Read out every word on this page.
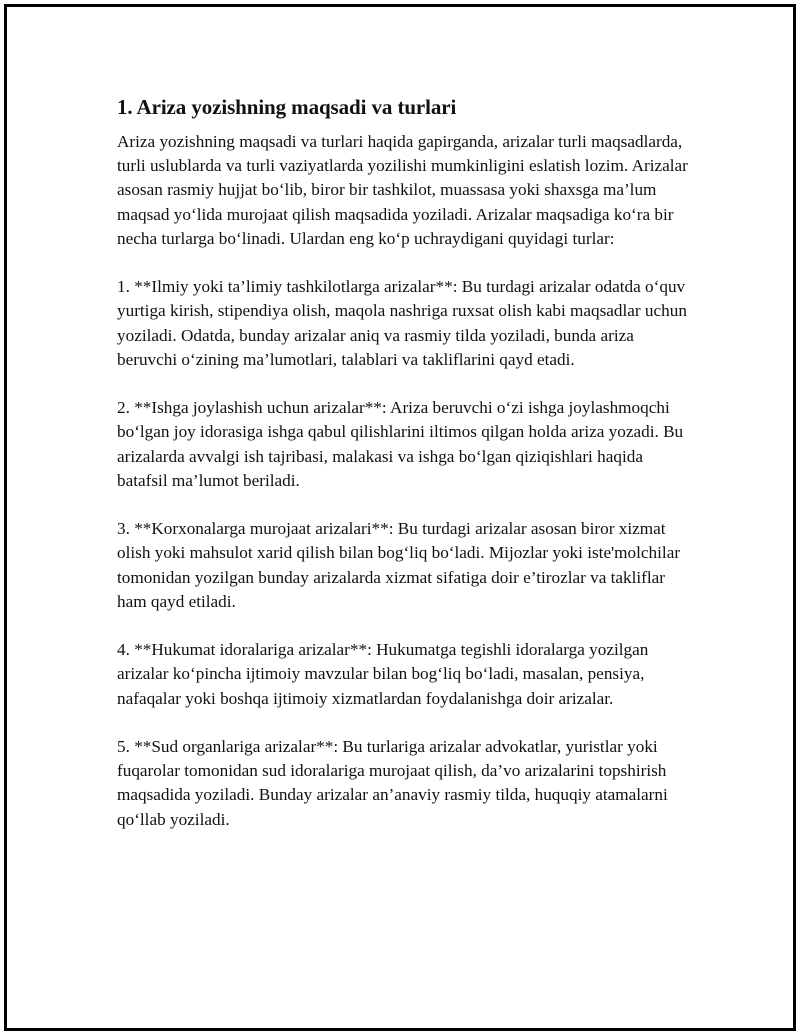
1. Ariza yozishning maqsadi va turlari

Ariza yozishning maqsadi va turlari haqida gapirganda, arizalar turli maqsadlarda, turli uslublarda va turli vaziyatlarda yozilishi mumkinligini eslatish lozim. Arizalar asosan rasmiy hujjat bo‘lib, biror bir tashkilot, muassasa yoki shaxsga ma’lum maqsad yo‘lida murojaat qilish maqsadida yoziladi. Arizalar maqsadiga ko‘ra bir necha turlarga bo‘linadi. Ulardan eng ko‘p uchraydigani quyidagi turlar:

1. **Ilmiy yoki ta’limiy tashkilotlarga arizalar**: Bu turdagi arizalar odatda o‘quv yurtiga kirish, stipendiya olish, maqola nashriga ruxsat olish kabi maqsadlar uchun yoziladi. Odatda, bunday arizalar aniq va rasmiy tilda yoziladi, bunda ariza beruvchi o‘zining ma’lumotlari, talablari va takliflarini qayd etadi.

2. **Ishga joylashish uchun arizalar**: Ariza beruvchi o‘zi ishga joylashmoqchi bo‘lgan joy idorasiga ishga qabul qilishlarini iltimos qilgan holda ariza yozadi. Bu arizalarda avvalgi ish tajribasi, malakasi va ishga bo‘lgan qiziqishlari haqida batafsil ma’lumot beriladi.

3. **Korxonalarga murojaat arizalari**: Bu turdagi arizalar asosan biror xizmat olish yoki mahsulot xarid qilish bilan bog‘liq bo‘ladi. Mijozlar yoki iste'molchilar tomonidan yozilgan bunday arizalarda xizmat sifatiga doir e’tirozlar va takliflar ham qayd etiladi.

4. **Hukumat idoralariga arizalar**: Hukumatga tegishli idoralarga yozilgan arizalar ko‘pincha ijtimoiy mavzular bilan bog‘liq bo‘ladi, masalan, pensiya, nafaqalar yoki boshqa ijtimoiy xizmatlardan foydalanishga doir arizalar.

5. **Sud organlariga arizalar**: Bu turlariga arizalar advokatlar, yuristlar yoki fuqarolar tomonidan sud idoralariga murojaat qilish, da’vo arizalarini topshirish maqsadida yoziladi. Bunday arizalar an’anaviy rasmiy tilda, huquqiy atamalarni qo‘llab yoziladi.
